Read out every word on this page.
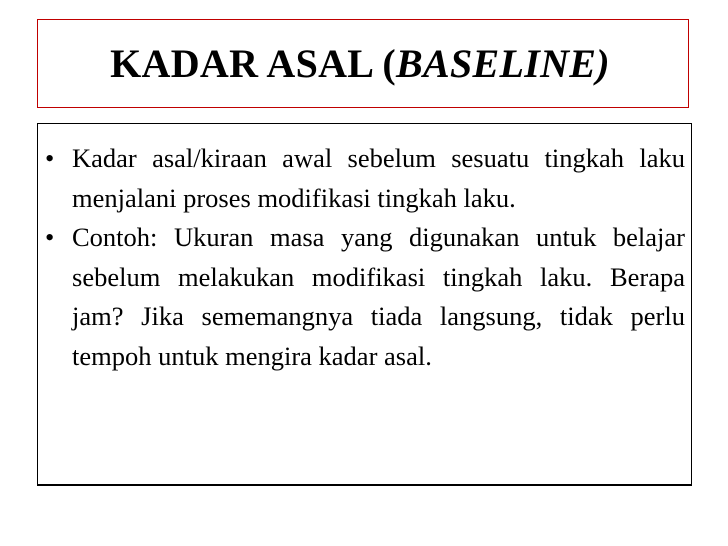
KADAR ASAL (BASELINE)
• Kadar asal/kiraan awal sebelum sesuatu tingkah laku menjalani proses modifikasi tingkah laku.
• Contoh: Ukuran masa yang digunakan untuk belajar sebelum melakukan modifikasi tingkah laku. Berapa jam? Jika sememangnya tiada langsung, tidak perlu tempoh untuk mengira kadar asal.
